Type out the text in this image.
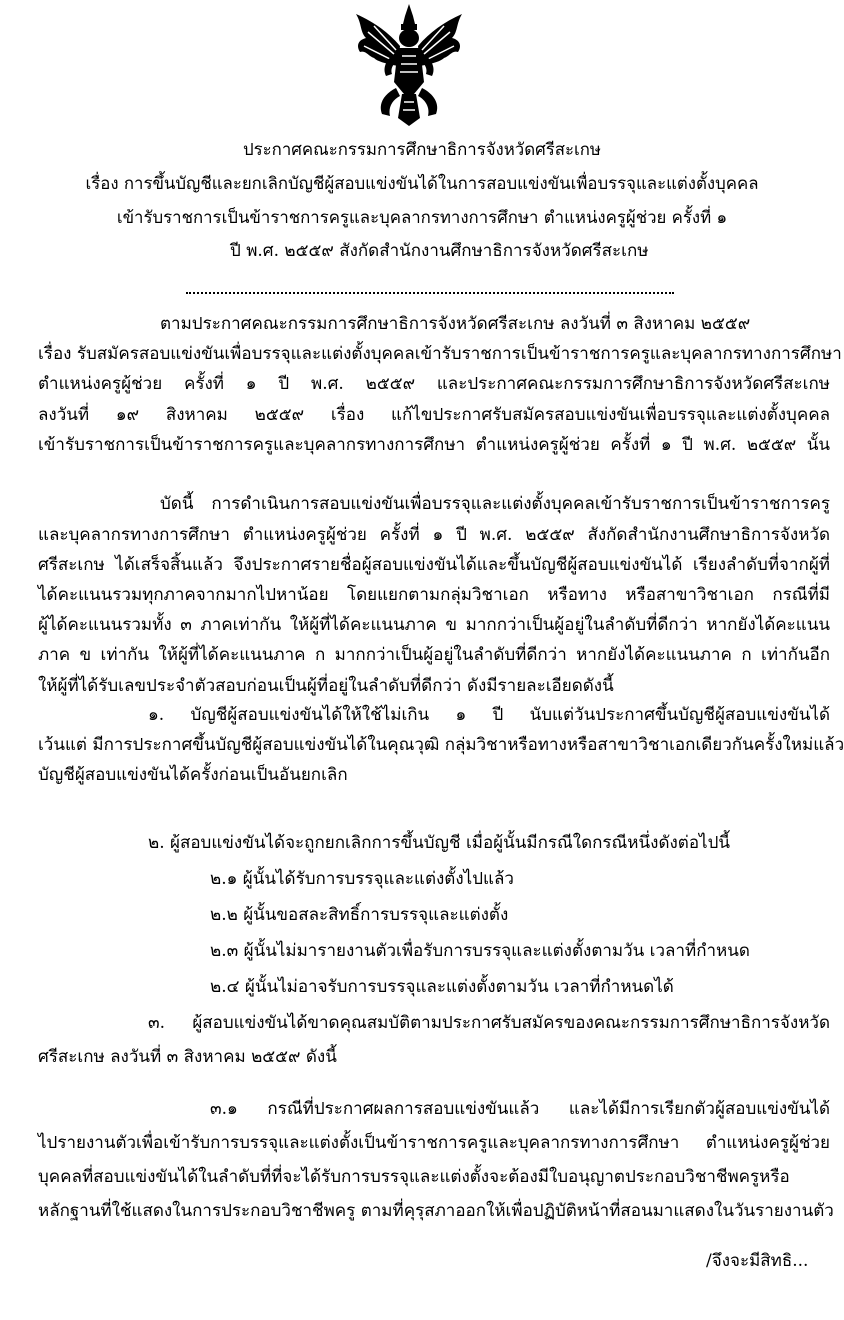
ประกาศคณะกรรมการศึกษาธิการจังหวัดศรีสะเกษ
เรื่อง การขึ้นบัญชีและยกเลิกบัญชีผู้สอบแข่งขันได้ในการสอบแข่งขันเพื่อบรรจุและแต่งตั้งบุคคล
เข้ารับราชการเป็นข้าราชการครูและบุคลากรทางการศึกษา ตำแหน่งครูผู้ช่วย ครั้งที่ ๑
ปี พ.ศ. ๒๕๕๙ สังกัดสำนักงานศึกษาธิการจังหวัดศรีสะเกษ
ตามประกาศคณะกรรมการศึกษาธิการจังหวัดศรีสะเกษ ลงวันที่ ๓ สิงหาคม ๒๕๕๙
เรื่อง รับสมัครสอบแข่งขันเพื่อบรรจุและแต่งตั้งบุคคลเข้ารับราชการเป็นข้าราชการครูและบุคลากรทางการศึกษา
ตำแหน่งครูผู้ช่วย ครั้งที่ ๑ ปี พ.ศ. ๒๕๕๙ และประกาศคณะกรรมการศึกษาธิการจังหวัดศรีสะเกษ
ลงวันที่ ๑๙ สิงหาคม ๒๕๕๙ เรื่อง แก้ไขประกาศรับสมัครสอบแข่งขันเพื่อบรรจุและแต่งตั้งบุคคล
เข้ารับราชการเป็นข้าราชการครูและบุคลากรทางการศึกษา ตำแหน่งครูผู้ช่วย ครั้งที่ ๑ ปี พ.ศ. ๒๕๕๙ นั้น
บัดนี้ การดำเนินการสอบแข่งขันเพื่อบรรจุและแต่งตั้งบุคคลเข้ารับราชการเป็นข้าราชการครู
และบุคลากรทางการศึกษา ตำแหน่งครูผู้ช่วย ครั้งที่ ๑ ปี พ.ศ. ๒๕๕๙ สังกัดสำนักงานศึกษาธิการจังหวัด
ศรีสะเกษ ได้เสร็จสิ้นแล้ว จึงประกาศรายชื่อผู้สอบแข่งขันได้และขึ้นบัญชีผู้สอบแข่งขันได้ เรียงลำดับที่จากผู้ที่
ได้คะแนนรวมทุกภาคจากมากไปหาน้อย โดยแยกตามกลุ่มวิชาเอก หรือทาง หรือสาขาวิชาเอก กรณีที่มี
ผู้ได้คะแนนรวมทั้ง ๓ ภาคเท่ากัน ให้ผู้ที่ได้คะแนนภาค ข มากกว่าเป็นผู้อยู่ในลำดับที่ดีกว่า หากยังได้คะแนน
ภาค ข เท่ากัน ให้ผู้ที่ได้คะแนนภาค ก มากกว่าเป็นผู้อยู่ในลำดับที่ดีกว่า หากยังได้คะแนนภาค ก เท่ากันอีก
ให้ผู้ที่ได้รับเลขประจำตัวสอบก่อนเป็นผู้ที่อยู่ในลำดับที่ดีกว่า ดังมีรายละเอียดดังนี้
๑. บัญชีผู้สอบแข่งขันได้ให้ใช้ไม่เกิน ๑ ปี นับแต่วันประกาศขึ้นบัญชีผู้สอบแข่งขันได้
เว้นแต่ มีการประกาศขึ้นบัญชีผู้สอบแข่งขันได้ในคุณวุฒิ กลุ่มวิชาหรือทางหรือสาขาวิชาเอกเดียวกันครั้งใหม่แล้ว
บัญชีผู้สอบแข่งขันได้ครั้งก่อนเป็นอันยกเลิก
๒. ผู้สอบแข่งขันได้จะถูกยกเลิกการขึ้นบัญชี เมื่อผู้นั้นมีกรณีใดกรณีหนึ่งดังต่อไปนี้
๒.๑ ผู้นั้นได้รับการบรรจุและแต่งตั้งไปแล้ว
๒.๒ ผู้นั้นขอสละสิทธิ์การบรรจุและแต่งตั้ง
๒.๓ ผู้นั้นไม่มารายงานตัวเพื่อรับการบรรจุและแต่งตั้งตามวัน เวลาที่กำหนด
๒.๔ ผู้นั้นไม่อาจรับการบรรจุและแต่งตั้งตามวัน เวลาที่กำหนดได้
๓. ผู้สอบแข่งขันได้ขาดคุณสมบัติตามประกาศรับสมัครของคณะกรรมการศึกษาธิการจังหวัด
ศรีสะเกษ ลงวันที่ ๓ สิงหาคม ๒๕๕๙ ดังนี้
๓.๑ กรณีที่ประกาศผลการสอบแข่งขันแล้ว และได้มีการเรียกตัวผู้สอบแข่งขันได้
ไปรายงานตัวเพื่อเข้ารับการบรรจุและแต่งตั้งเป็นข้าราชการครูและบุคลากรทางการศึกษา ตำแหน่งครูผู้ช่วย
บุคคลที่สอบแข่งขันได้ในลำดับที่ที่จะได้รับการบรรจุและแต่งตั้งจะต้องมีใบอนุญาตประกอบวิชาชีพครูหรือ
หลักฐานที่ใช้แสดงในการประกอบวิชาชีพครู ตามที่คุรุสภาออกให้เพื่อปฏิบัติหน้าที่สอนมาแสดงในวันรายงานตัว
/จึงจะมีสิทธิ...
